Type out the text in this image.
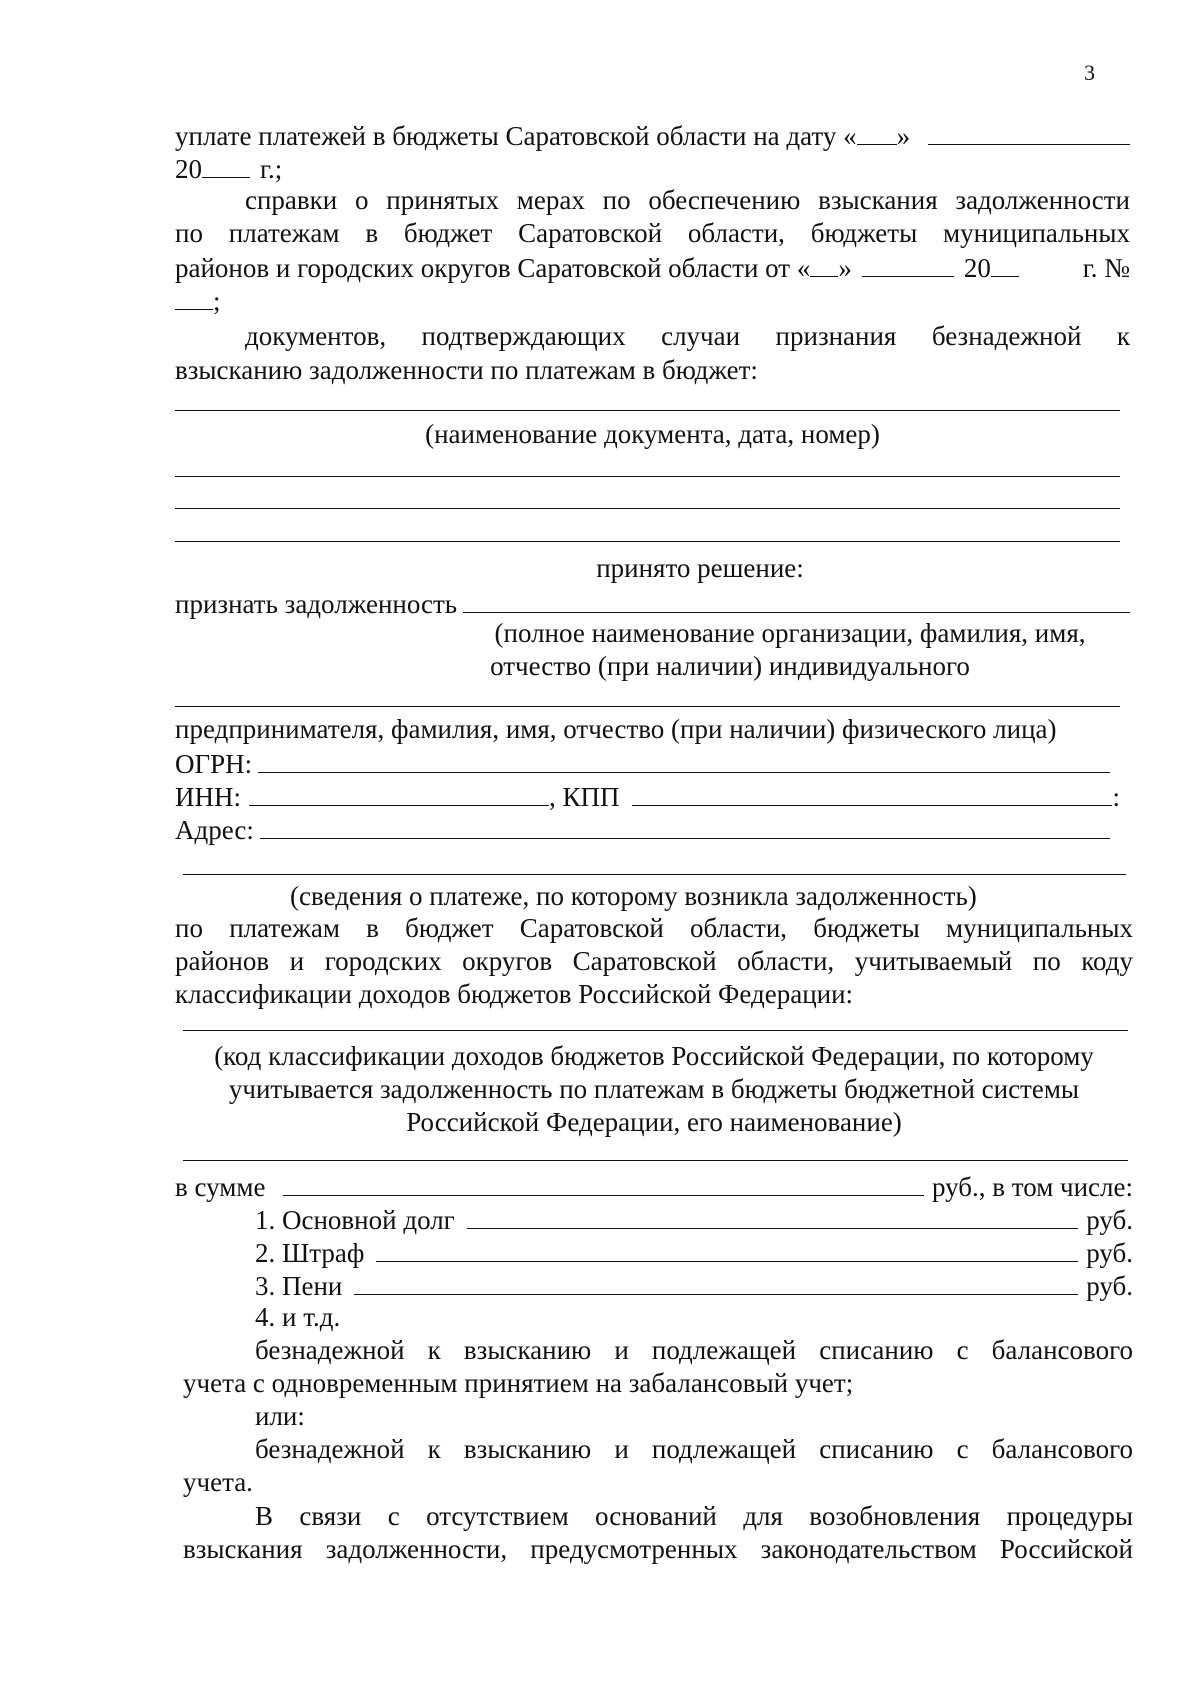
3
уплате платежей в бюджеты Саратовской области на дату « »
20 г.;
справки о принятых мерах по обеспечению взыскания задолженности
по платежам в бюджет Саратовской области, бюджеты муниципальных
районов и городских округов Саратовской области от « »	20	г. №
;
документов, подтверждающих случаи признания безнадежной к
взысканию задолженности по платежам в бюджет:
(наименование документа, дата, номер)
принято решение:
признать задолженность
(полное наименование организации, фамилия, имя,
отчество (при наличии) индивидуального
предпринимателя, фамилия, имя, отчество (при наличии) физического лица)
ОГРН:
ИНН:	, КПП	:
Адрес:
(сведения о платеже, по которому возникла задолженность)
по платежам в бюджет Саратовской области, бюджеты муниципальных
районов и городских округов Саратовской области, учитываемый по коду
классификации доходов бюджетов Российской Федерации:
(код классификации доходов бюджетов Российской Федерации, по которому
учитывается задолженность по платежам в бюджеты бюджетной системы
Российской Федерации, его наименование)
в сумме	руб., в том числе:
1. Основной долг	руб.
2. Штраф	руб.
3. Пени	руб.
4. и т.д.
безнадежной к взысканию и подлежащей списанию с балансового
учета с одновременным принятием на забалансовый учет;
или:
безнадежной к взысканию и подлежащей списанию с балансового
учета.
В связи с отсутствием оснований для возобновления процедуры
взыскания задолженности, предусмотренных законодательством Российской
